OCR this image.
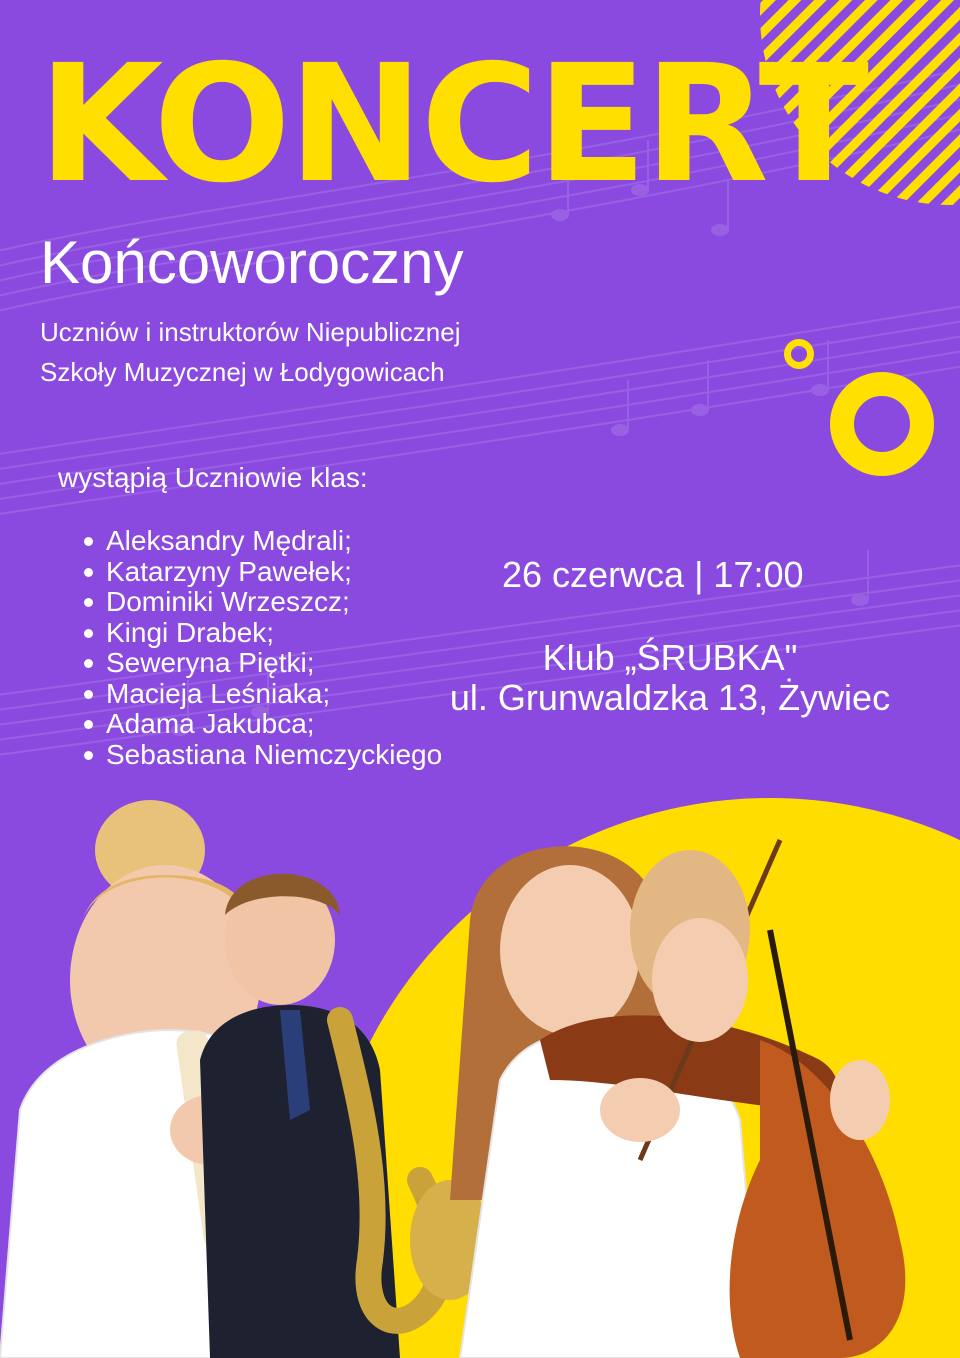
KONCERT
Końcoworoczny
Uczniów i instruktorów Niepublicznej
Szkoły Muzycznej w Łodygowicach
wystąpią Uczniowie klas:
Aleksandry Mędrali;
Katarzyny Pawełek;
Dominiki Wrzeszcz;
Kingi Drabek;
Seweryna Piętki;
Macieja Leśniaka;
Adama Jakubca;
Sebastiana Niemczyckiego
26 czerwca | 17:00
Klub „ŚRUBKA"
ul. Grunwaldzka 13, Żywiec
